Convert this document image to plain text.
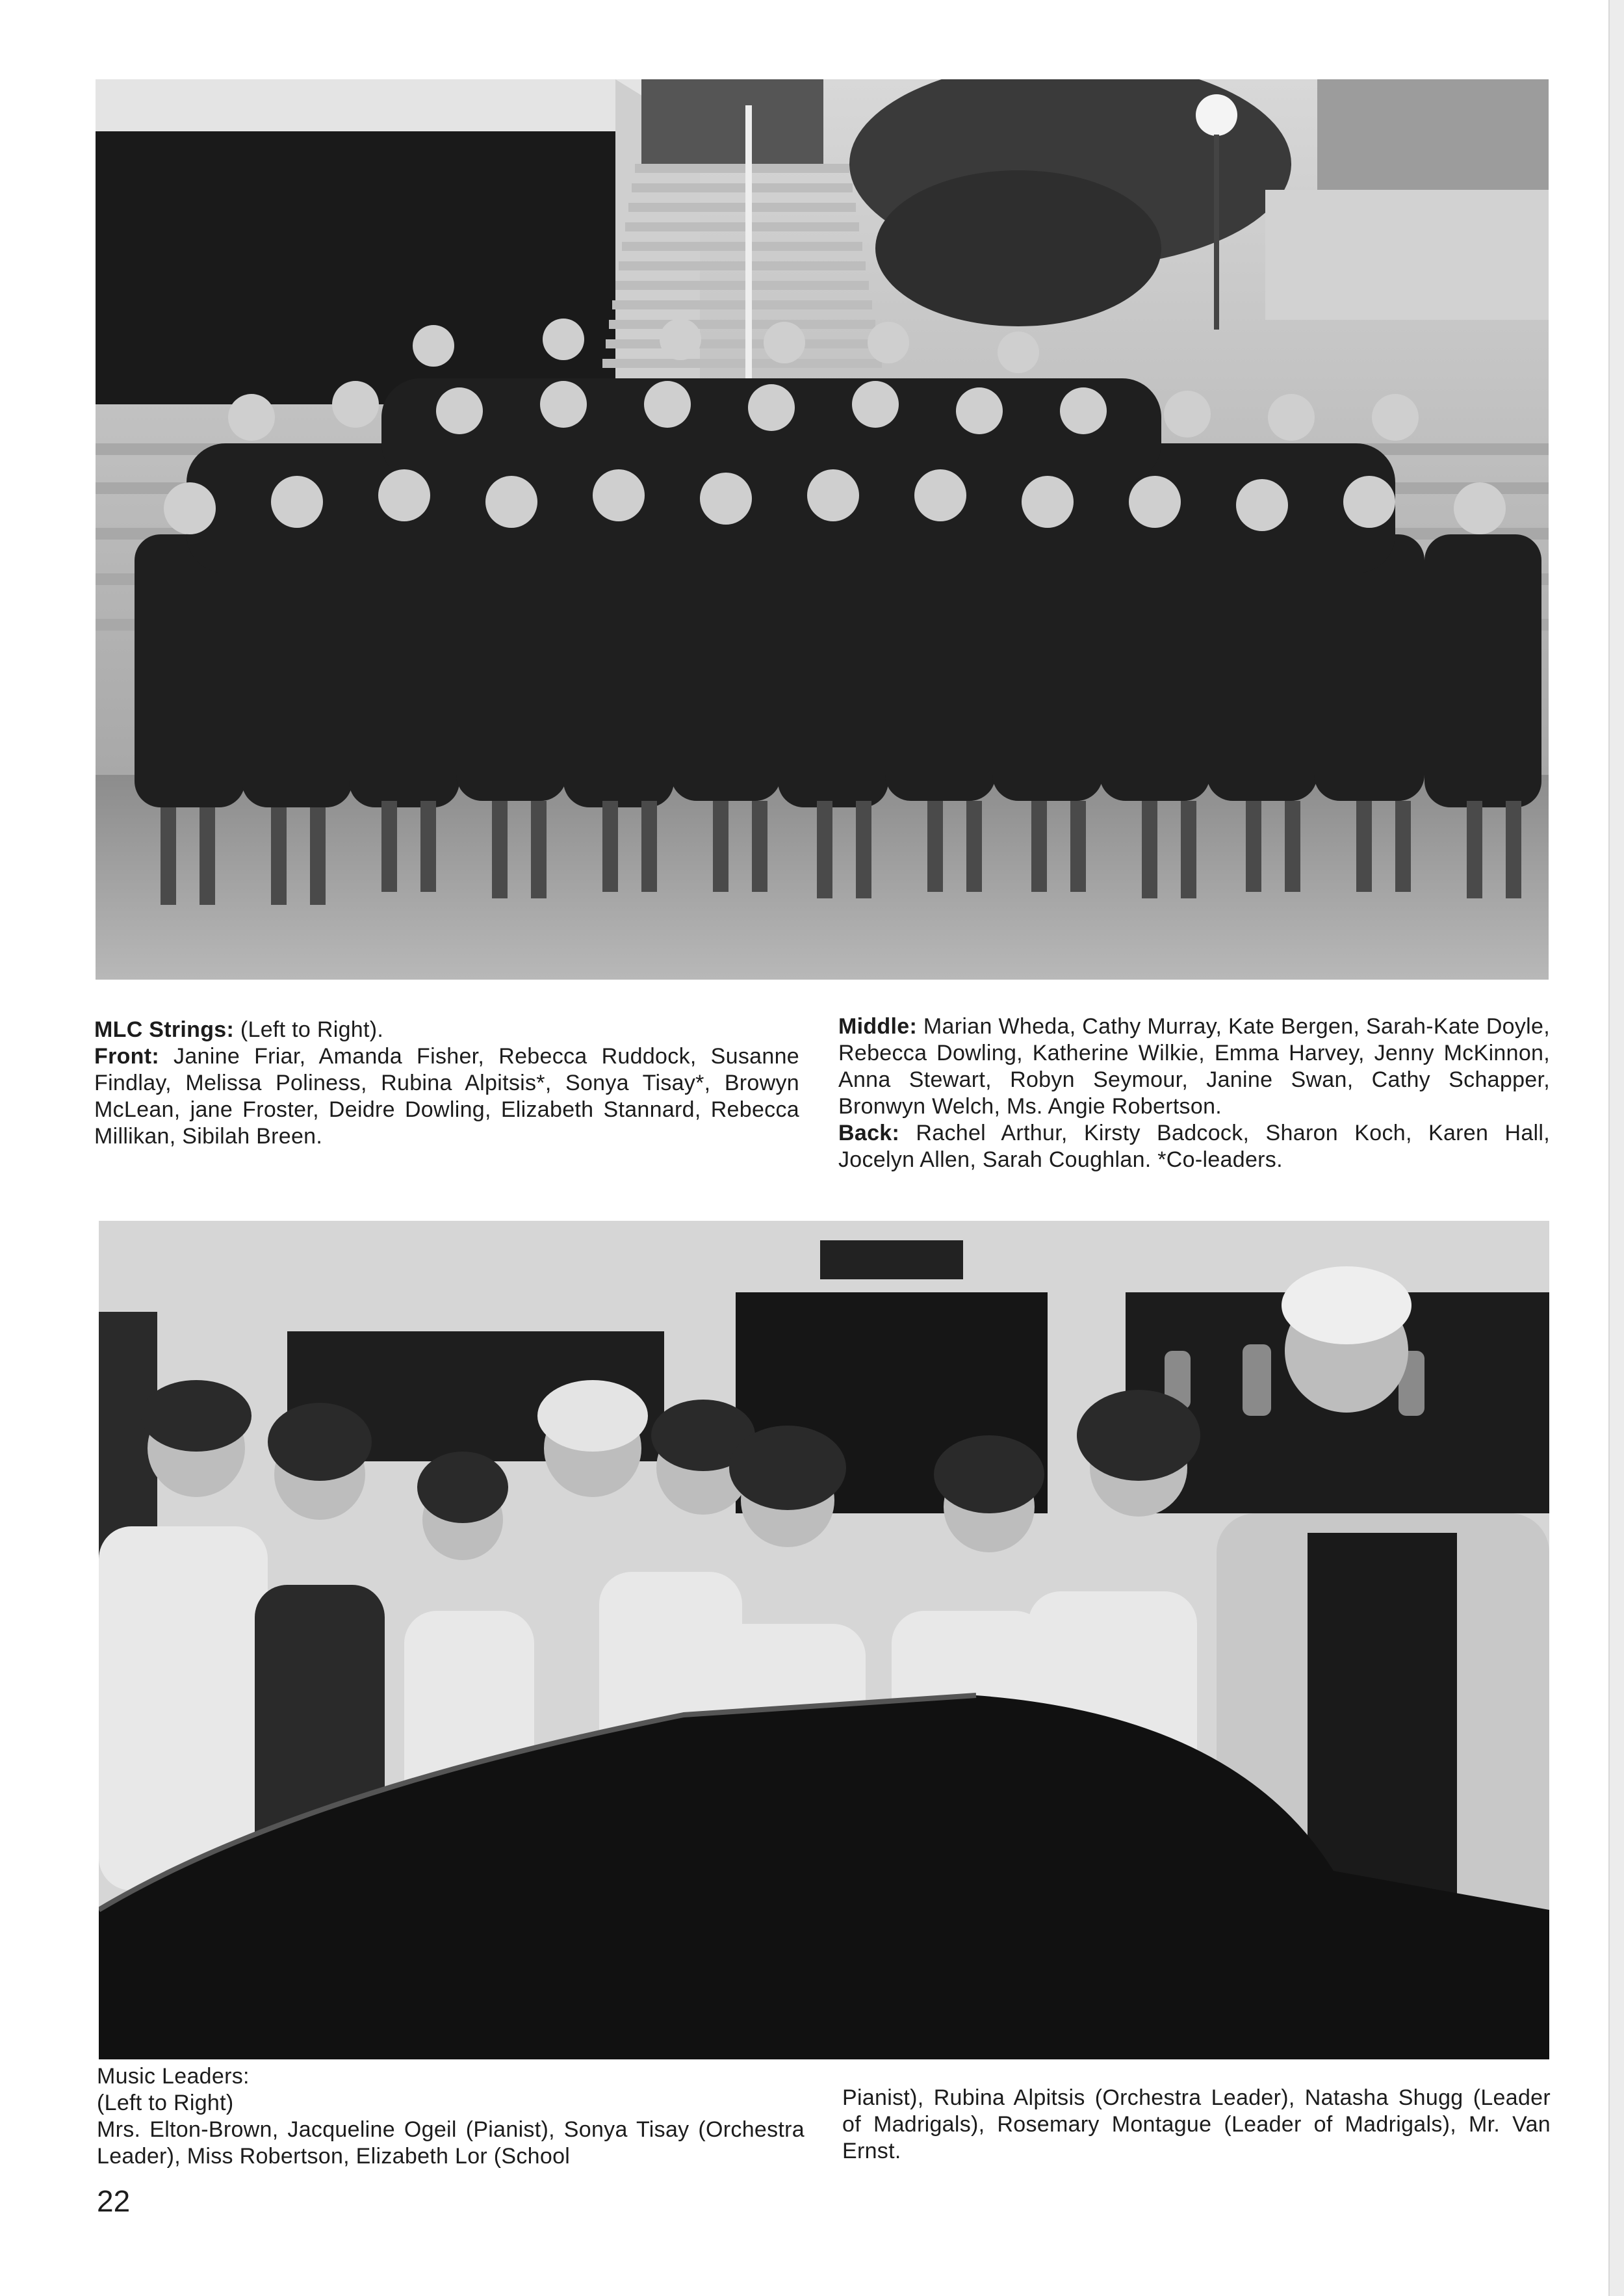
MLC Strings: (Left to Right).

Front: Janine Friar, Amanda Fisher, Rebecca Ruddock, Susanne Findlay, Melissa Poliness, Rubina Alpitsis*, Sonya Tisay*, Browyn McLean, jane Froster, Deidre Dowling, Elizabeth Stannard, Rebecca Millikan, Sibilah Breen.

Middle: Marian Wheda, Cathy Murray, Kate Bergen, Sarah-Kate Doyle, Rebecca Dowling, Katherine Wilkie, Emma Harvey, Jenny McKinnon, Anna Stewart, Robyn Seymour, Janine Swan, Cathy Schapper, Bronwyn Welch, Ms. Angie Robertson.

Back: Rachel Arthur, Kirsty Badcock, Sharon Koch, Karen Hall, Jocelyn Allen, Sarah Coughlan. *Co-leaders.

Music Leaders:
(Left to Right)

Mrs. Elton-Brown, Jacqueline Ogeil (Pianist), Sonya Tisay (Orchestra Leader), Miss Robertson, Elizabeth Lor (School

Pianist), Rubina Alpitsis (Orchestra Leader), Natasha Shugg (Leader of Madrigals), Rosemary Montague (Leader of Madrigals), Mr. Van Ernst.

22
